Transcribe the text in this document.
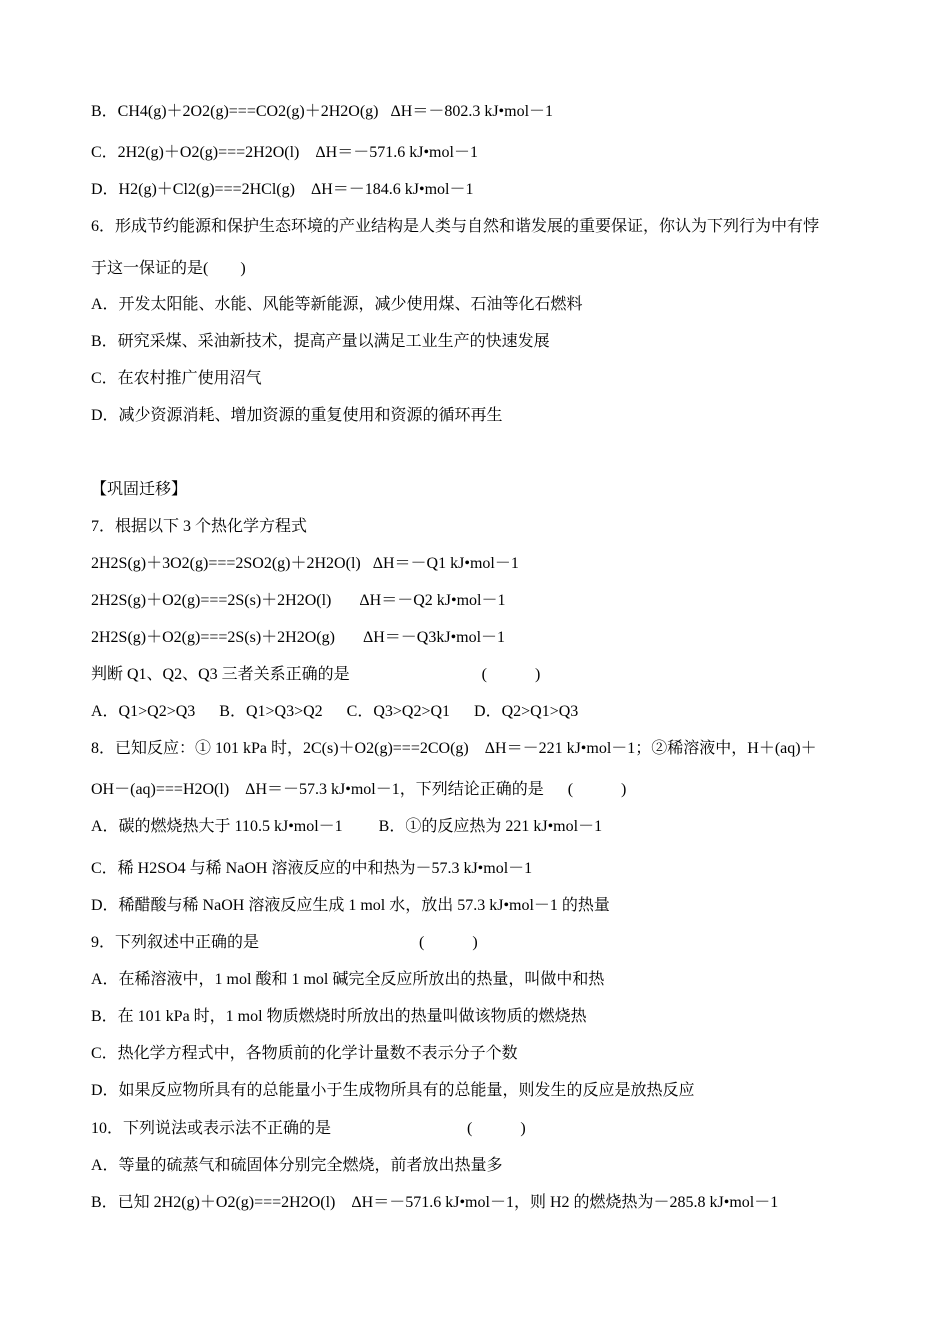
B．CH4(g)＋2O2(g)===CO2(g)＋2H2O(g)   ΔH＝－802.3 kJ•mol－1

C．2H2(g)＋O2(g)===2H2O(l)    ΔH＝－571.6 kJ•mol－1

D．H2(g)＋Cl2(g)===2HCl(g)    ΔH＝－184.6 kJ•mol－1

6．形成节约能源和保护生态环境的产业结构是人类与自然和谐发展的重要保证，你认为下列行为中有悖

于这一保证的是(        )

A．开发太阳能、水能、风能等新能源，减少使用煤、石油等化石燃料

B．研究采煤、采油新技术，提高产量以满足工业生产的快速发展

C．在农村推广使用沼气

D．减少资源消耗、增加资源的重复使用和资源的循环再生

【巩固迁移】

7．根据以下 3 个热化学方程式

2H2S(g)＋3O2(g)===2SO2(g)＋2H2O(l)   ΔH＝－Q1 kJ•mol－1

2H2S(g)＋O2(g)===2S(s)＋2H2O(l)       ΔH＝－Q2 kJ•mol－1

2H2S(g)＋O2(g)===2S(s)＋2H2O(g)       ΔH＝－Q3kJ•mol－1

判断 Q1、Q2、Q3 三者关系正确的是                                 (            )

A．Q1>Q2>Q3      B．Q1>Q3>Q2      C．Q3>Q2>Q1      D．Q2>Q1>Q3

8．已知反应：① 101 kPa 时，2C(s)＋O2(g)===2CO(g)    ΔH＝－221 kJ•mol－1；②稀溶液中，H＋(aq)＋

OH－(aq)===H2O(l)    ΔH＝－57.3 kJ•mol－1，下列结论正确的是      (            )

A．碳的燃烧热大于 110.5 kJ•mol－1         B．①的反应热为 221 kJ•mol－1

C．稀 H2SO4 与稀 NaOH 溶液反应的中和热为－57.3 kJ•mol－1

D．稀醋酸与稀 NaOH 溶液反应生成 1 mol 水，放出 57.3 kJ•mol－1 的热量

9．下列叙述中正确的是                                        (            )

A．在稀溶液中，1 mol 酸和 1 mol 碱完全反应所放出的热量，叫做中和热

B．在 101 kPa 时，1 mol 物质燃烧时所放出的热量叫做该物质的燃烧热

C．热化学方程式中，各物质前的化学计量数不表示分子个数

D．如果反应物所具有的总能量小于生成物所具有的总能量，则发生的反应是放热反应

10．下列说法或表示法不正确的是                                  (            )

A．等量的硫蒸气和硫固体分别完全燃烧，前者放出热量多

B．已知 2H2(g)＋O2(g)===2H2O(l)    ΔH＝－571.6 kJ•mol－1，则 H2 的燃烧热为－285.8 kJ•mol－1
